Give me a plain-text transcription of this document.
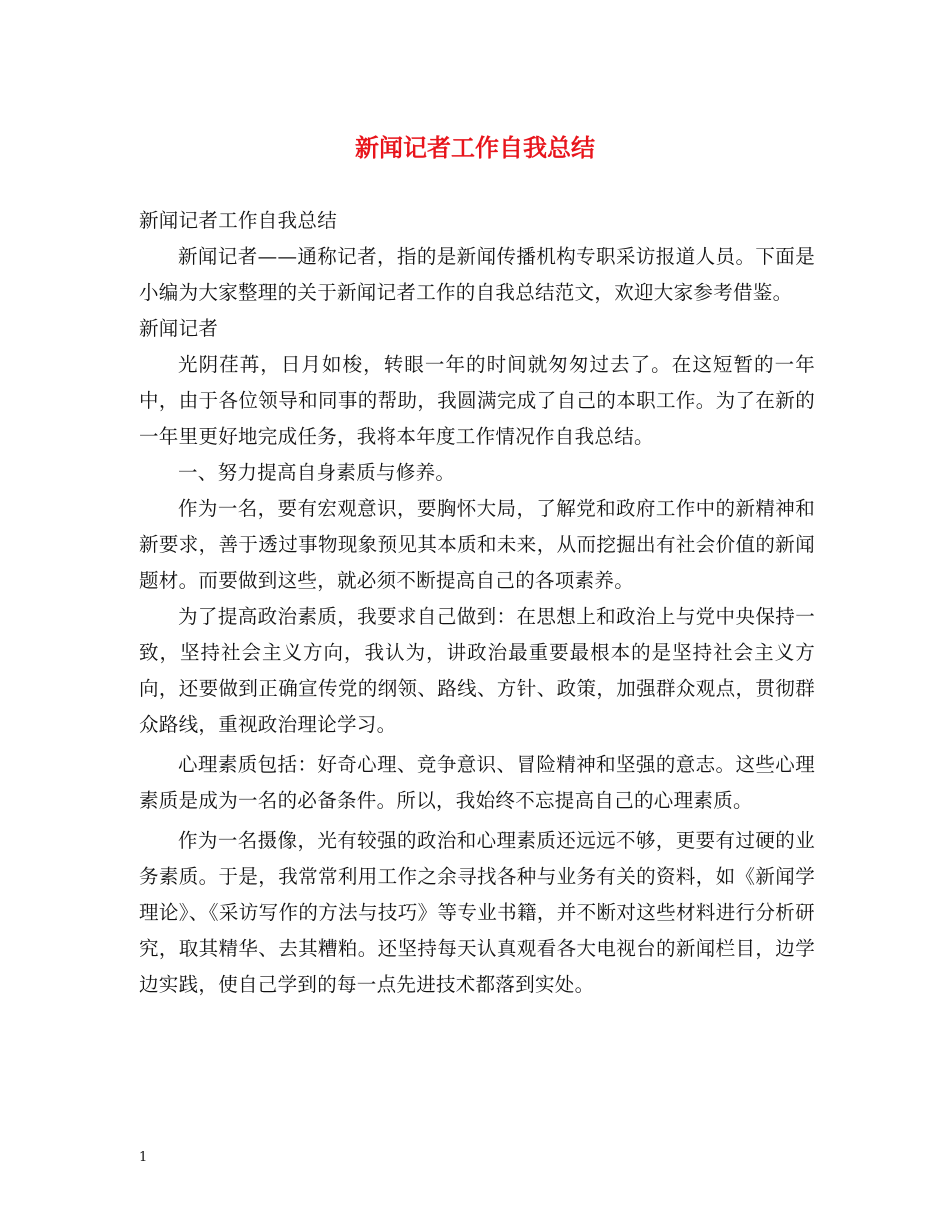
新闻记者工作自我总结

新闻记者工作自我总结

新闻记者——通称记者，指的是新闻传播机构专职采访报道人员。下面是小编为大家整理的关于新闻记者工作的自我总结范文，欢迎大家参考借鉴。

新闻记者

光阴荏苒，日月如梭，转眼一年的时间就匆匆过去了。在这短暂的一年中，由于各位领导和同事的帮助，我圆满完成了自己的本职工作。为了在新的一年里更好地完成任务，我将本年度工作情况作自我总结。

一、努力提高自身素质与修养。

作为一名，要有宏观意识，要胸怀大局，了解党和政府工作中的新精神和新要求，善于透过事物现象预见其本质和未来，从而挖掘出有社会价值的新闻题材。而要做到这些，就必须不断提高自己的各项素养。

为了提高政治素质，我要求自己做到：在思想上和政治上与党中央保持一致，坚持社会主义方向，我认为，讲政治最重要最根本的是坚持社会主义方向，还要做到正确宣传党的纲领、路线、方针、政策，加强群众观点，贯彻群众路线，重视政治理论学习。

心理素质包括：好奇心理、竞争意识、冒险精神和坚强的意志。这些心理素质是成为一名的必备条件。所以，我始终不忘提高自己的心理素质。

作为一名摄像，光有较强的政治和心理素质还远远不够，更要有过硬的业务素质。于是，我常常利用工作之余寻找各种与业务有关的资料，如《新闻学理论》、《采访写作的方法与技巧》等专业书籍，并不断对这些材料进行分析研究，取其精华、去其糟粕。还坚持每天认真观看各大电视台的新闻栏目，边学边实践，使自己学到的每一点先进技术都落到实处。

1
